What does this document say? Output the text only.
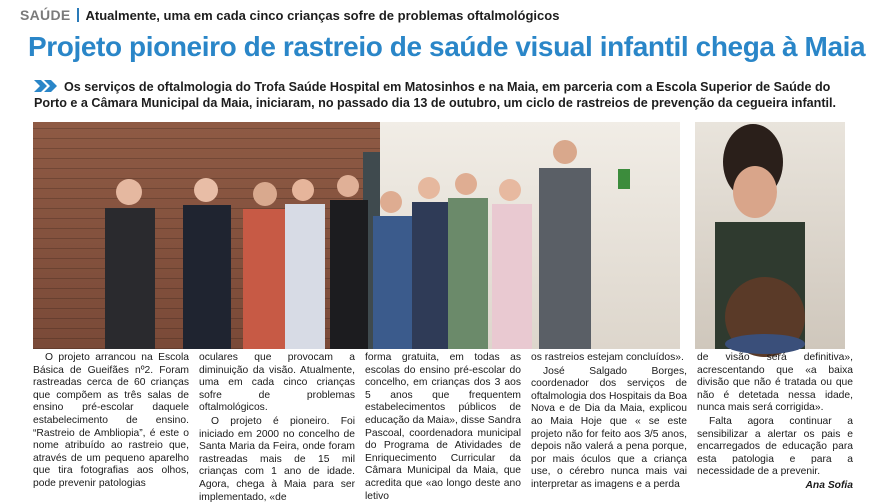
SAÚDE Atualmente, uma em cada cinco crianças sofre de problemas oftalmológicos
Projeto pioneiro de rastreio de saúde visual infantil chega à Maia

Os serviços de oftalmologia do Trofa Saúde Hospital em Matosinhos e na Maia, em parceria com a Escola Superior de Saúde do Porto e a Câmara Municipal da Maia, iniciaram, no passado dia 13 de outubro, um ciclo de rastreios de prevenção da cegueira infantil.

O projeto arrancou na Escola Básica de Gueifães nº2. Foram rastreadas cerca de 60 crianças que compõem as três salas de ensino pré-escolar daquele estabelecimento de ensino. “Rastreio de Ambliopia”, é este o nome atribuído ao rastreio que, através de um pequeno aparelho que tira fotografias aos olhos, pode prevenir patologias

oculares que provocam a diminuição da visão. Atualmente, uma em cada cinco crianças sofre de problemas oftalmológicos.

O projeto é pioneiro. Foi iniciado em 2000 no concelho de Santa Maria da Feira, onde foram rastreadas mais de 15 mil crianças com 1 ano de idade. Agora, chega à Maia para ser implementado, «de

forma gratuita, em todas as escolas do ensino pré-escolar do concelho, em crianças dos 3 aos 5 anos que frequentem estabelecimentos públicos de educação da Maia», disse Sandra Pascoal, coordenadora municipal do Programa de Atividades de Enriquecimento Curricular da Câmara Municipal da Maia, que acredita que «ao longo deste ano letivo

os rastreios estejam concluídos».

José Salgado Borges, coordenador dos serviços de oftalmologia dos Hospitais da Boa Nova e de Dia da Maia, explicou ao Maia Hoje que « se este projeto não for feito aos 3/5 anos, depois não valerá a pena porque, por mais óculos que a criança use, o cérebro nunca mais vai interpretar as imagens e a perda

de visão será definitiva», acrescentando que «a baixa divisão que não é tratada ou que não é detetada nessa idade, nunca mais será corrigida».

Falta agora continuar a sensibilizar a alertar os pais e encarregados de educação para esta patologia e para a necessidade de a prevenir.

Ana Sofia
